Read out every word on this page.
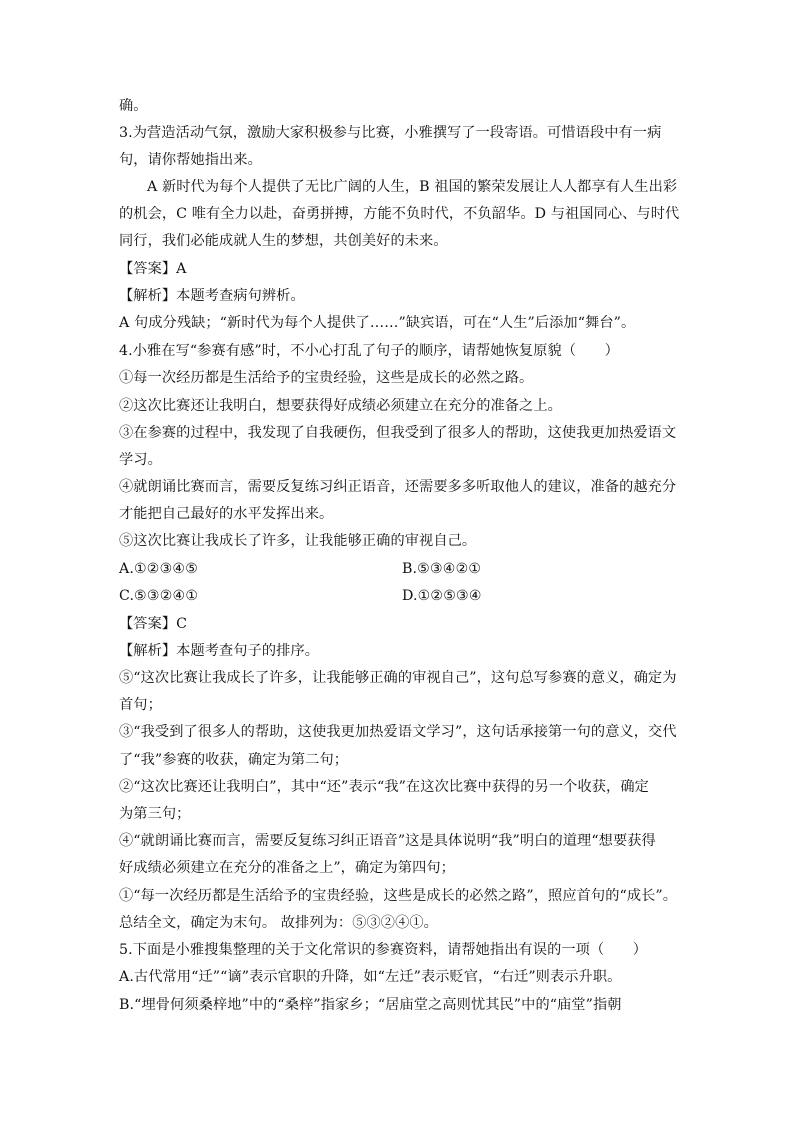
确。
3.为营造活动气氛，激励大家积极参与比赛，小雅撰写了一段寄语。可惜语段中有一病
句，请你帮她指出来。
A 新时代为每个人提供了无比广阔的人生，B 祖国的繁荣发展让人人都享有人生出彩
的机会，C 唯有全力以赴，奋勇拼搏，方能不负时代，不负韶华。D 与祖国同心、与时代
同行，我们必能成就人生的梦想，共创美好的未来。
【答案】A
【解析】本题考查病句辨析。
A 句成分残缺；“新时代为每个人提供了……”缺宾语，可在“人生”后添加“舞台”。
4.小雅在写“参赛有感”时，不小心打乱了句子的顺序，请帮她恢复原貌（　　）
①每一次经历都是生活给予的宝贵经验，这些是成长的必然之路。
②这次比赛还让我明白，想要获得好成绩必须建立在充分的准备之上。
③在参赛的过程中，我发现了自我硬伤，但我受到了很多人的帮助，这使我更加热爱语文
学习。
④就朗诵比赛而言，需要反复练习纠正语音，还需要多多听取他人的建议，准备的越充分
才能把自己最好的水平发挥出来。
⑤这次比赛让我成长了许多，让我能够正确的审视自己。
A.①②③④⑤	B.⑤③④②①
C.⑤③②④①	D.①②⑤③④
【答案】C
【解析】本题考查句子的排序。
⑤“这次比赛让我成长了许多，让我能够正确的审视自己”，这句总写参赛的意义，确定为
首句；
③“我受到了很多人的帮助，这使我更加热爱语文学习”，这句话承接第一句的意义，交代
了“我”参赛的收获，确定为第二句；
②“这次比赛还让我明白”，其中“还”表示“我”在这次比赛中获得的另一个收获，确定
为第三句；
④“就朗诵比赛而言，需要反复练习纠正语音”这是具体说明“我”明白的道理“想要获得
好成绩必须建立在充分的准备之上”，确定为第四句；
①“每一次经历都是生活给予的宝贵经验，这些是成长的必然之路”，照应首句的“成长”。
总结全文，确定为末句。 故排列为：⑤③②④①。
5.下面是小雅搜集整理的关于文化常识的参赛资料，请帮她指出有误的一项（　　）
A.古代常用“迁”“谪”表示官职的升降，如“左迁”表示贬官，“右迁”则表示升职。
B.“埋骨何须桑梓地”中的“桑梓”指家乡；“居庙堂之高则忧其民”中的“庙堂”指朝
